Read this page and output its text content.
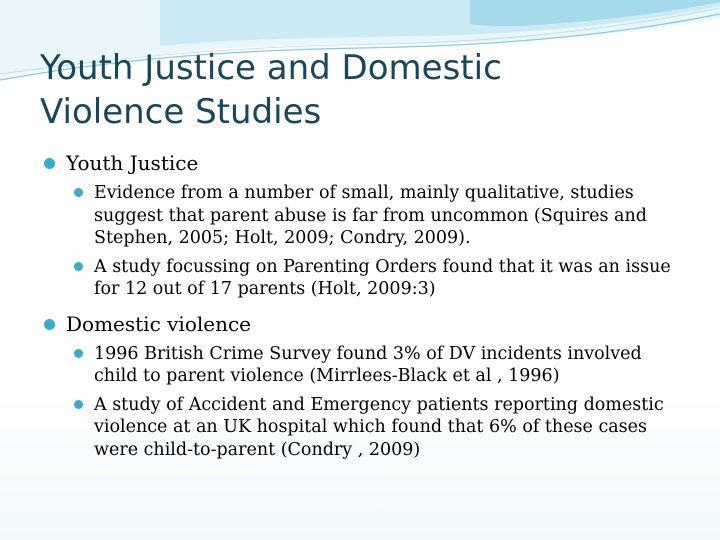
Youth Justice and Domestic
Violence Studies
Youth Justice
Evidence from a number of small, mainly qualitative, studies suggest that parent abuse is far from uncommon (Squires and Stephen, 2005; Holt, 2009; Condry, 2009).
A study focussing on Parenting Orders found that it was an issue for 12 out of 17 parents (Holt, 2009:3)
Domestic violence
1996 British Crime Survey found 3% of DV incidents involved child to parent violence (Mirrlees-Black et al , 1996)
A study of Accident and Emergency patients reporting domestic violence at an UK hospital which found that 6% of these cases were child-to-parent (Condry , 2009)
